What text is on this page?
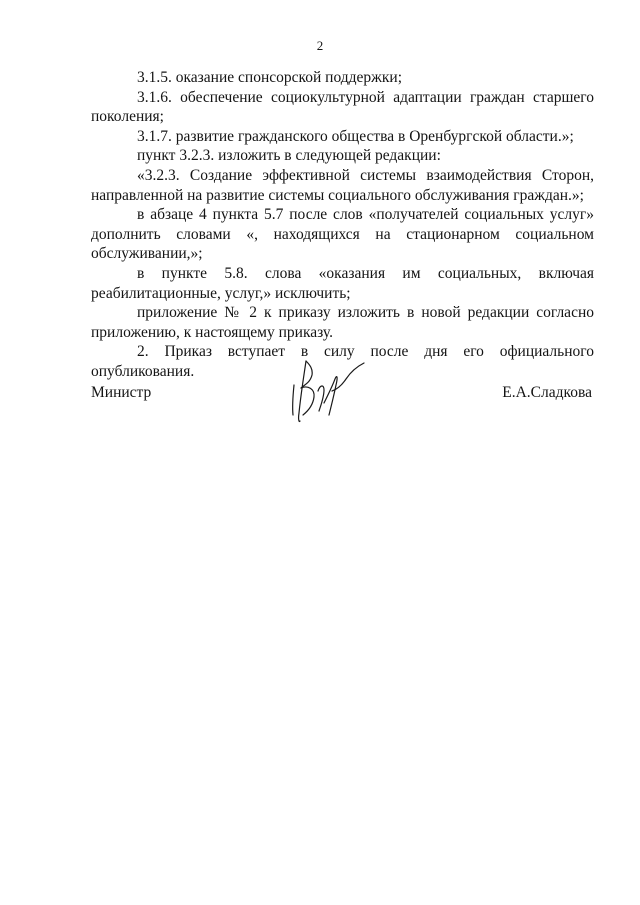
2

3.1.5. оказание спонсорской поддержки;

3.1.6. обеспечение социокультурной адаптации граждан старшего поколения;

3.1.7. развитие гражданского общества в Оренбургской области.»;

пункт 3.2.3. изложить в следующей редакции:

«3.2.3. Создание эффективной системы взаимодействия Сторон, направленной на развитие системы социального обслуживания граждан.»;

в абзаце 4 пункта 5.7 после слов «получателей социальных услуг» дополнить словами «, находящихся на стационарном социальном обслуживании,»;

в пункте 5.8. слова «оказания им социальных, включая реабилитационные, услуг,» исключить;

приложение № 2 к приказу изложить в новой редакции согласно приложению, к настоящему приказу.

2. Приказ вступает в силу после дня его официального опубликования.

Министр	Е.А.Сладкова
